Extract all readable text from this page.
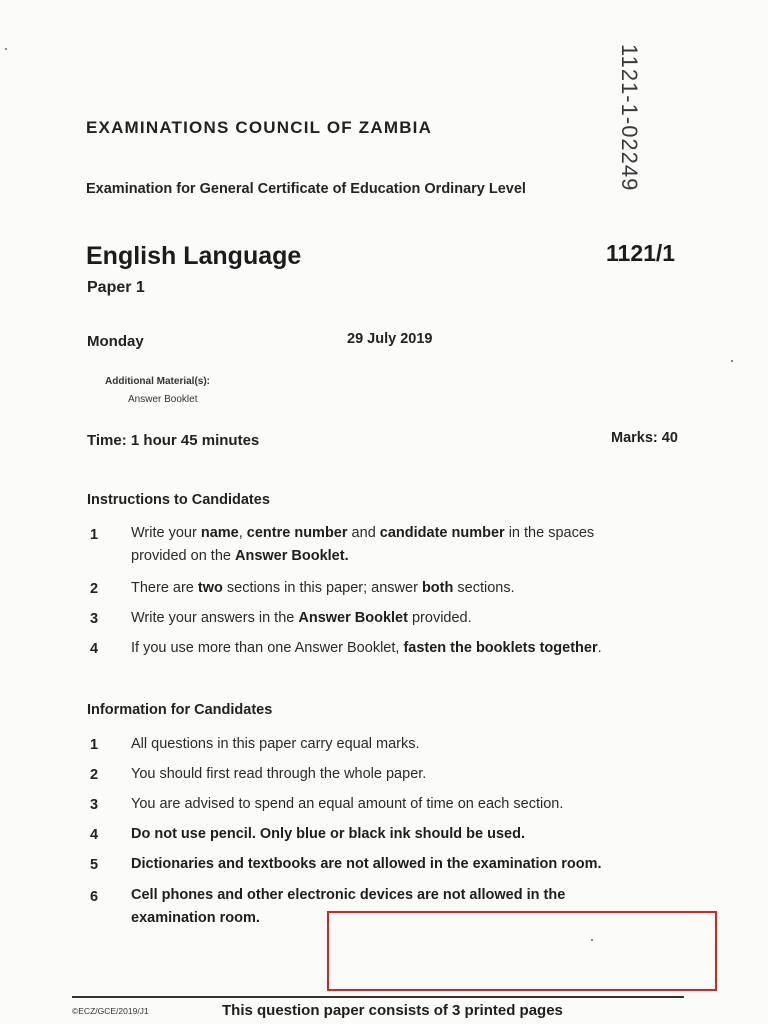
1121-1-02249
EXAMINATIONS COUNCIL OF ZAMBIA
Examination for General Certificate of Education Ordinary Level
English Language	1121/1
Paper 1
Monday	29 July 2019
Additional Material(s):
Answer Booklet
Time: 1 hour 45 minutes	Marks: 40
Instructions to Candidates
1 Write your name, centre number and candidate number in the spaces provided on the Answer Booklet.
2 There are two sections in this paper; answer both sections.
3 Write your answers in the Answer Booklet provided.
4 If you use more than one Answer Booklet, fasten the booklets together.
Information for Candidates
1 All questions in this paper carry equal marks.
2 You should first read through the whole paper.
3 You are advised to spend an equal amount of time on each section.
4 Do not use pencil. Only blue or black ink should be used.
5 Dictionaries and textbooks are not allowed in the examination room.
6 Cell phones and other electronic devices are not allowed in the examination room.
©ECZ/GCE/2019/J1	This question paper consists of 3 printed pages
